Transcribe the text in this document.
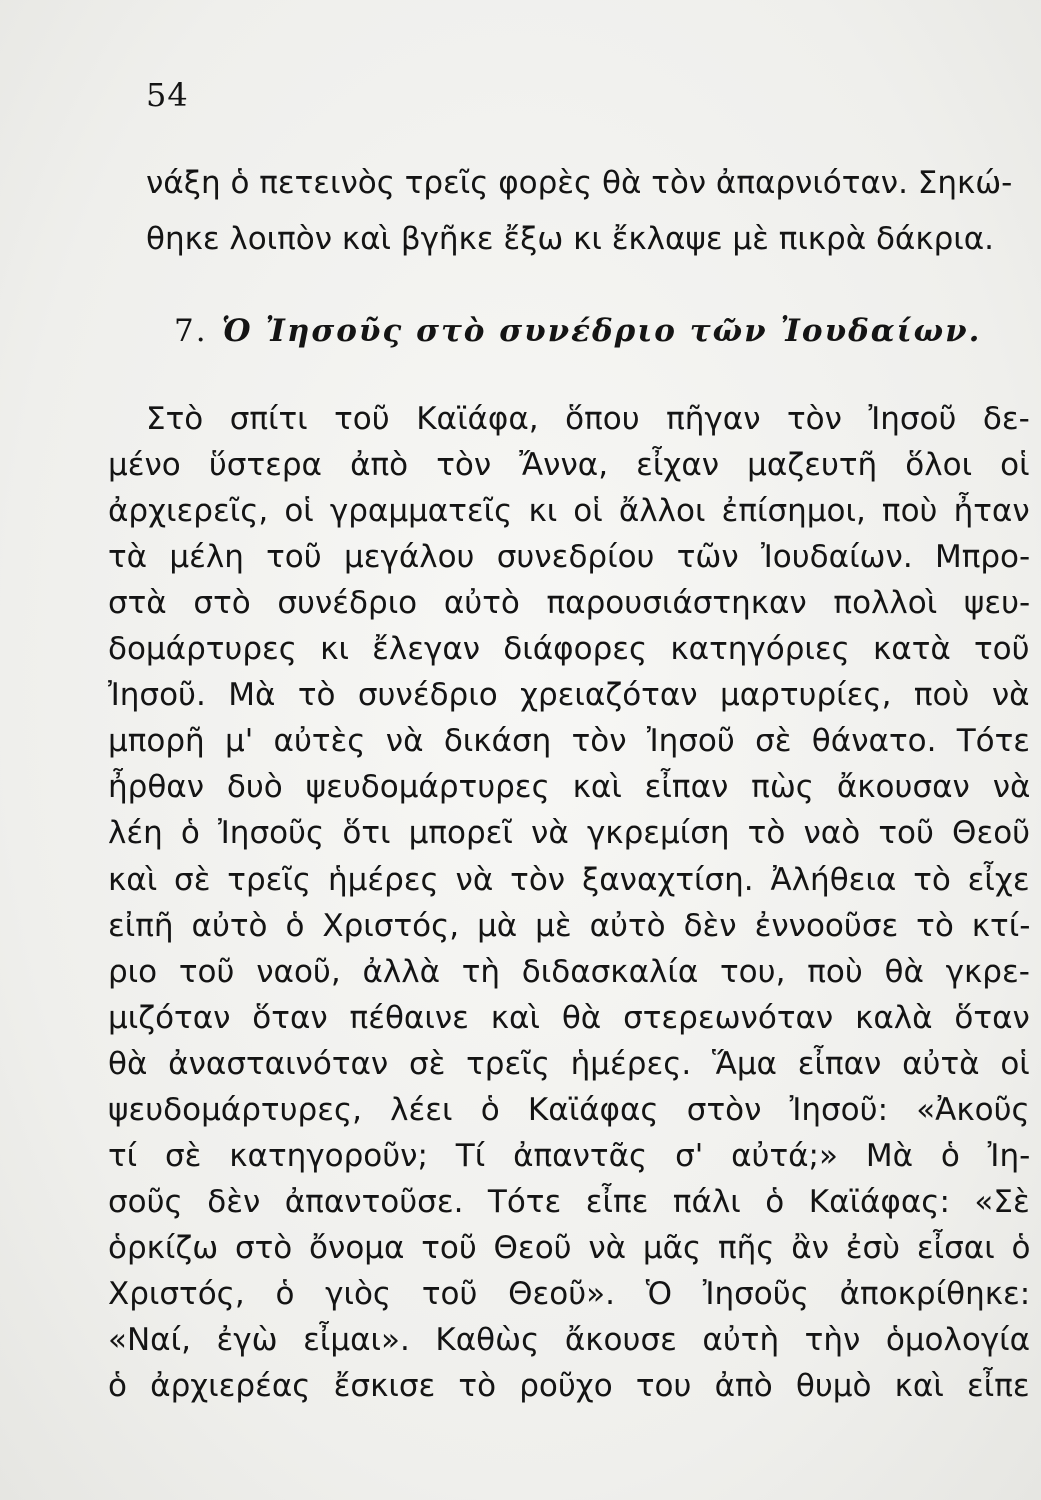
54
νάξη ὁ πετεινὸς τρεῖς φορὲς θὰ τὸν ἀπαρνιόταν. Σηκώ-
θηκε λοιπὸν καὶ βγῆκε ἔξω κι ἔκλαψε μὲ πικρὰ δάκρια.
7. Ὁ Ἰησοῦς στὸ συνέδριο τῶν Ἰουδαίων.
Στὸ σπίτι τοῦ Καϊάφα, ὅπου πῆγαν τὸν Ἰησοῦ δε-
μένο ὕστερα ἀπὸ τὸν Ἄννα, εἶχαν μαζευτῆ ὅλοι οἱ
ἀρχιερεῖς, οἱ γραμματεῖς κι οἱ ἄλλοι ἐπίσημοι, ποὺ ἦταν
τὰ μέλη τοῦ μεγάλου συνεδρίου τῶν Ἰουδαίων. Μπρο-
στὰ στὸ συνέδριο αὐτὸ παρουσιάστηκαν πολλοὶ ψευ-
δομάρτυρες κι ἔλεγαν διάφορες κατηγόριες κατὰ τοῦ
Ἰησοῦ. Μὰ τὸ συνέδριο χρειαζόταν μαρτυρίες, ποὺ νὰ
μπορῆ μ' αὐτὲς νὰ δικάση τὸν Ἰησοῦ σὲ θάνατο. Τότε
ἦρθαν δυὸ ψευδομάρτυρες καὶ εἶπαν πὼς ἄκουσαν νὰ
λέη ὁ Ἰησοῦς ὅτι μπορεῖ νὰ γκρεμίση τὸ ναὸ τοῦ Θεοῦ
καὶ σὲ τρεῖς ἡμέρες νὰ τὸν ξαναχτίση. Ἀλήθεια τὸ εἶχε
εἰπῆ αὐτὸ ὁ Χριστός, μὰ μὲ αὐτὸ δὲν ἐννοοῦσε τὸ κτί-
ριο τοῦ ναοῦ, ἀλλὰ τὴ διδασκαλία του, ποὺ θὰ γκρε-
μιζόταν ὅταν πέθαινε καὶ θὰ στερεωνόταν καλὰ ὅταν
θὰ ἀνασταινόταν σὲ τρεῖς ἡμέρες. Ἅμα εἶπαν αὐτὰ οἱ
ψευδομάρτυρες, λέει ὁ Καϊάφας στὸν Ἰησοῦ: «Ἀκοῦς
τί σὲ κατηγοροῦν; Τί ἀπαντᾶς σ' αὐτά;» Μὰ ὁ Ἰη-
σοῦς δὲν ἀπαντοῦσε. Τότε εἶπε πάλι ὁ Καϊάφας: «Σὲ
ὁρκίζω στὸ ὄνομα τοῦ Θεοῦ νὰ μᾶς πῆς ἂν ἐσὺ εἶσαι ὁ
Χριστός, ὁ γιὸς τοῦ Θεοῦ». Ὁ Ἰησοῦς ἀποκρίθηκε:
«Ναί, ἐγὼ εἶμαι». Καθὼς ἄκουσε αὐτὴ τὴν ὁμολογία
ὁ ἀρχιερέας ἔσκισε τὸ ροῦχο του ἀπὸ θυμὸ καὶ εἶπε
